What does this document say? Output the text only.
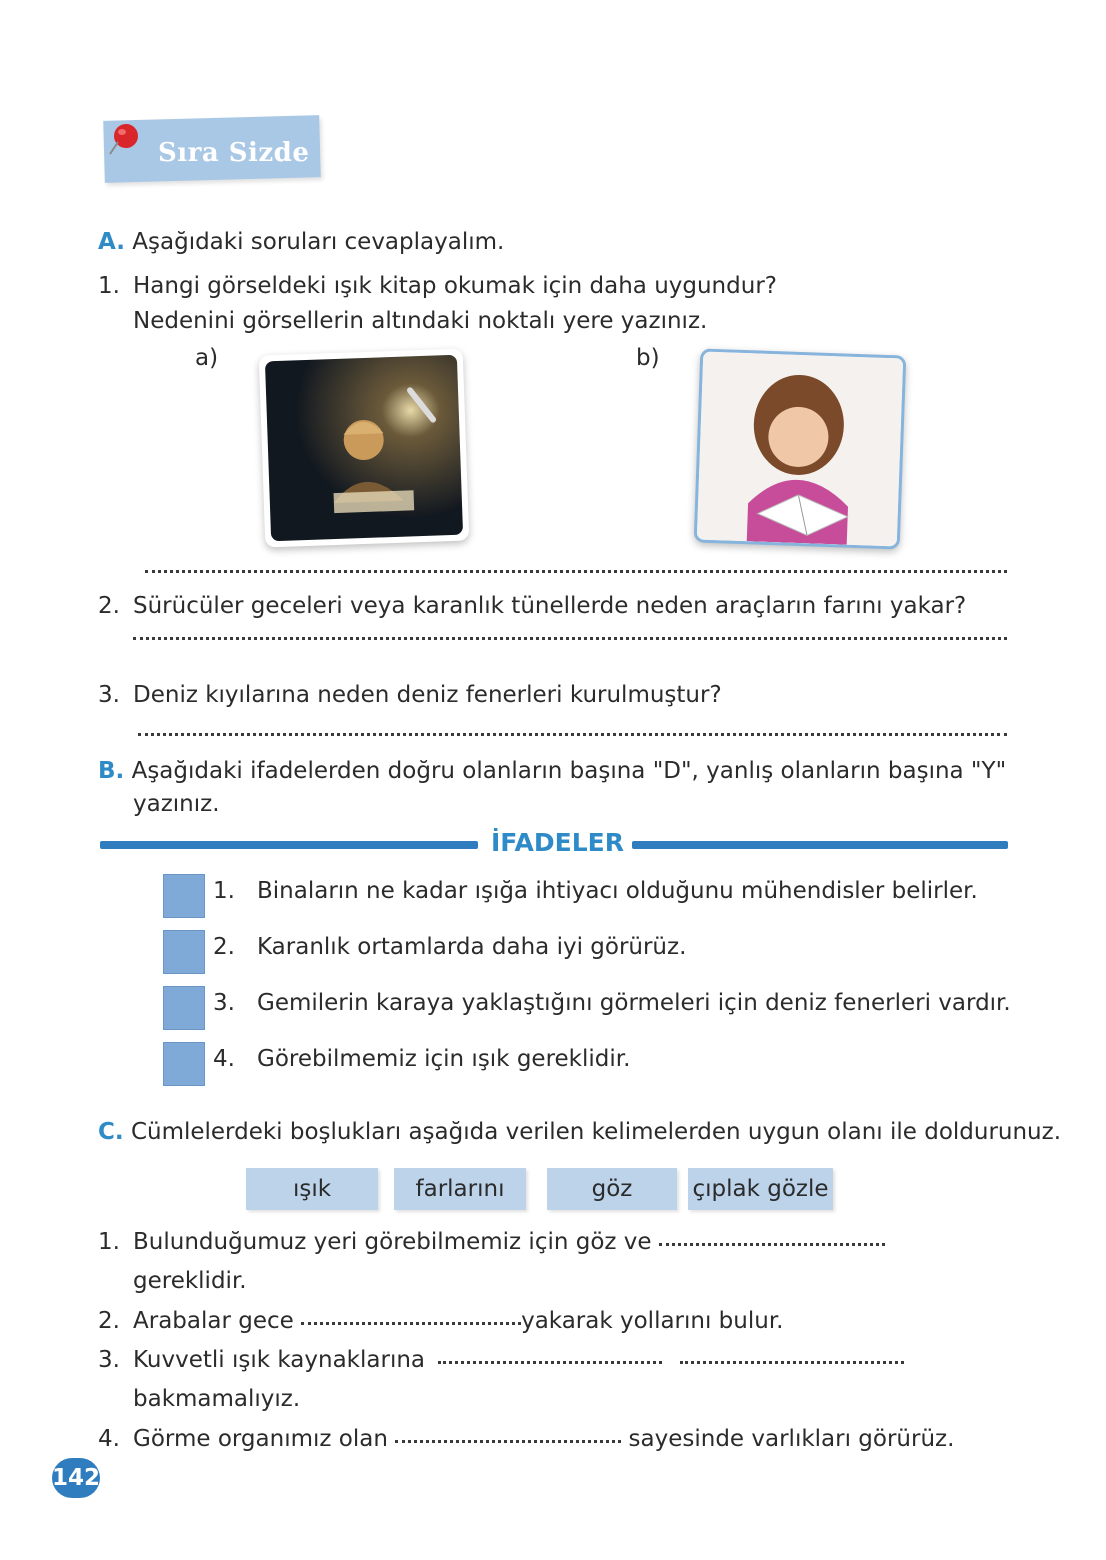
Sıra Sizde
A. Aşağıdaki soruları cevaplayalım.
1. Hangi görseldeki ışık kitap okumak için daha uygundur?
Nedenini görsellerin altındaki noktalı yere yazınız.
a)	b)
2. Sürücüler geceleri veya karanlık tünellerde neden araçların farını yakar?
3. Deniz kıyılarına neden deniz fenerleri kurulmuştur?
B. Aşağıdaki ifadelerden doğru olanların başına "D", yanlış olanların başına "Y"
yazınız.
İFADELER
1. Binaların ne kadar ışığa ihtiyacı olduğunu mühendisler belirler.
2. Karanlık ortamlarda daha iyi görürüz.
3. Gemilerin karaya yaklaştığını görmeleri için deniz fenerleri vardır.
4. Görebilmemiz için ışık gereklidir.
C. Cümlelerdeki boşlukları aşağıda verilen kelimelerden uygun olanı ile doldurunuz.
ışık	farlarını	göz	çıplak gözle
1. Bulunduğumuz yeri görebilmemiz için göz ve
gereklidir.
2. Arabalar gece	yakarak yollarını bulur.
3. Kuvvetli ışık kaynaklarına
bakmamalıyız.
4. Görme organımız olan	sayesinde varlıkları görürüz.
142
